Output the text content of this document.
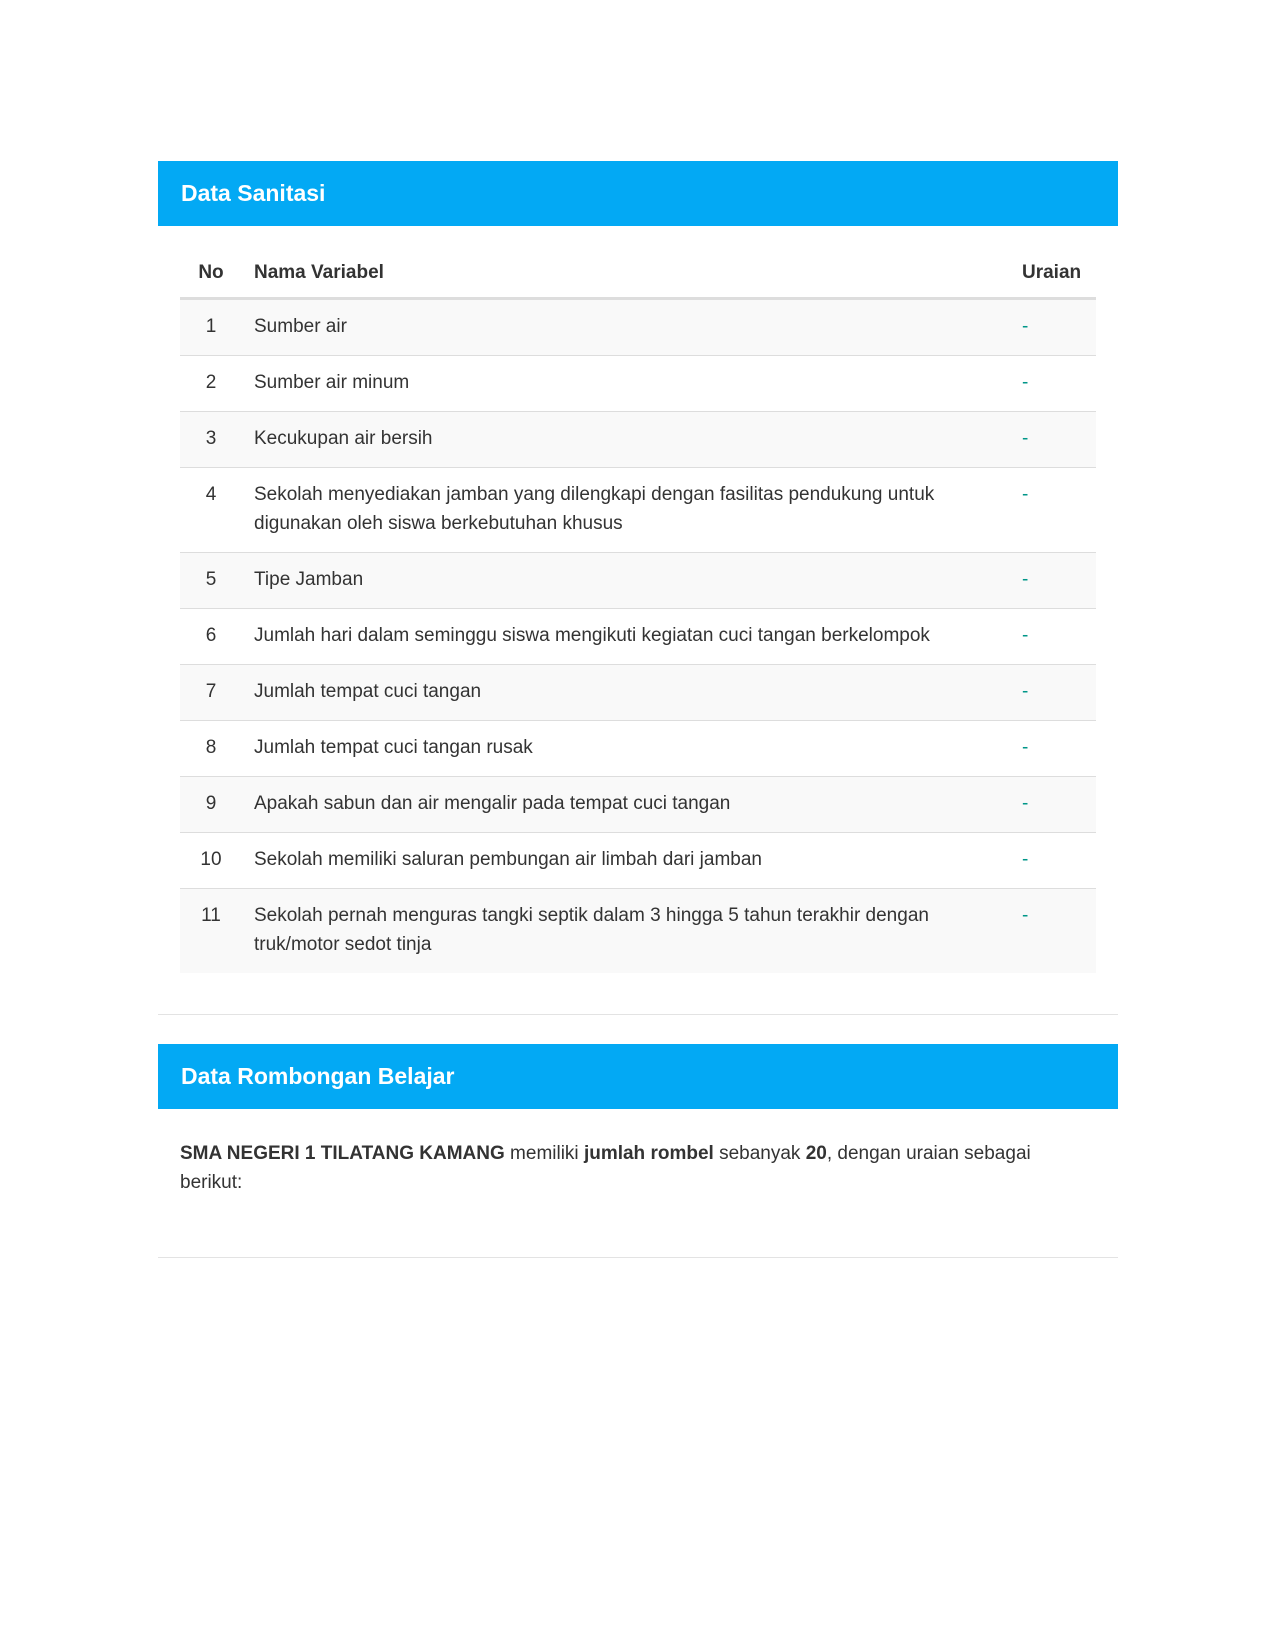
Data Sanitasi
No	Nama Variabel	Uraian
1	Sumber air	-
2	Sumber air minum	-
3	Kecukupan air bersih	-
4	Sekolah menyediakan jamban yang dilengkapi dengan fasilitas pendukung untuk digunakan oleh siswa berkebutuhan khusus	-
5	Tipe Jamban	-
6	Jumlah hari dalam seminggu siswa mengikuti kegiatan cuci tangan berkelompok	-
7	Jumlah tempat cuci tangan	-
8	Jumlah tempat cuci tangan rusak	-
9	Apakah sabun dan air mengalir pada tempat cuci tangan	-
10	Sekolah memiliki saluran pembungan air limbah dari jamban	-
11	Sekolah pernah menguras tangki septik dalam 3 hingga 5 tahun terakhir dengan truk/motor sedot tinja	-
Data Rombongan Belajar
SMA NEGERI 1 TILATANG KAMANG memiliki jumlah rombel sebanyak 20, dengan uraian sebagai berikut:
